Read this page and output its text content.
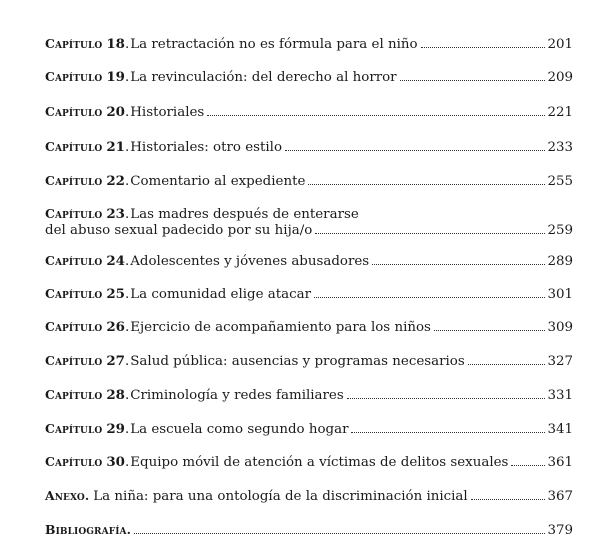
Capítulo 18 . La retractación no es fórmula para el niño	201
Capítulo 19 . La revinculación: del derecho al horror	209
Capítulo 20 . Historiales	221
Capítulo 21 . Historiales: otro estilo	233
Capítulo 22 . Comentario al expediente	255
Capítulo 23 . Las madres después de enterarse
del abuso sexual padecido por su hija/o	259
Capítulo 24 . Adolescentes y jóvenes abusadores	289
Capítulo 25 . La comunidad elige atacar	301
Capítulo 26 . Ejercicio de acompañamiento para los niños	309
Capítulo 27 . Salud pública: ausencias y programas necesarios	327
Capítulo 28 . Criminología y redes familiares	331
Capítulo 29 . La escuela como segundo hogar	341
Capítulo 30 . Equipo móvil de atención a víctimas de delitos sexuales	361
Anexo. La niña: para una ontología de la discriminación inicial	367
Bibliografía.	379
